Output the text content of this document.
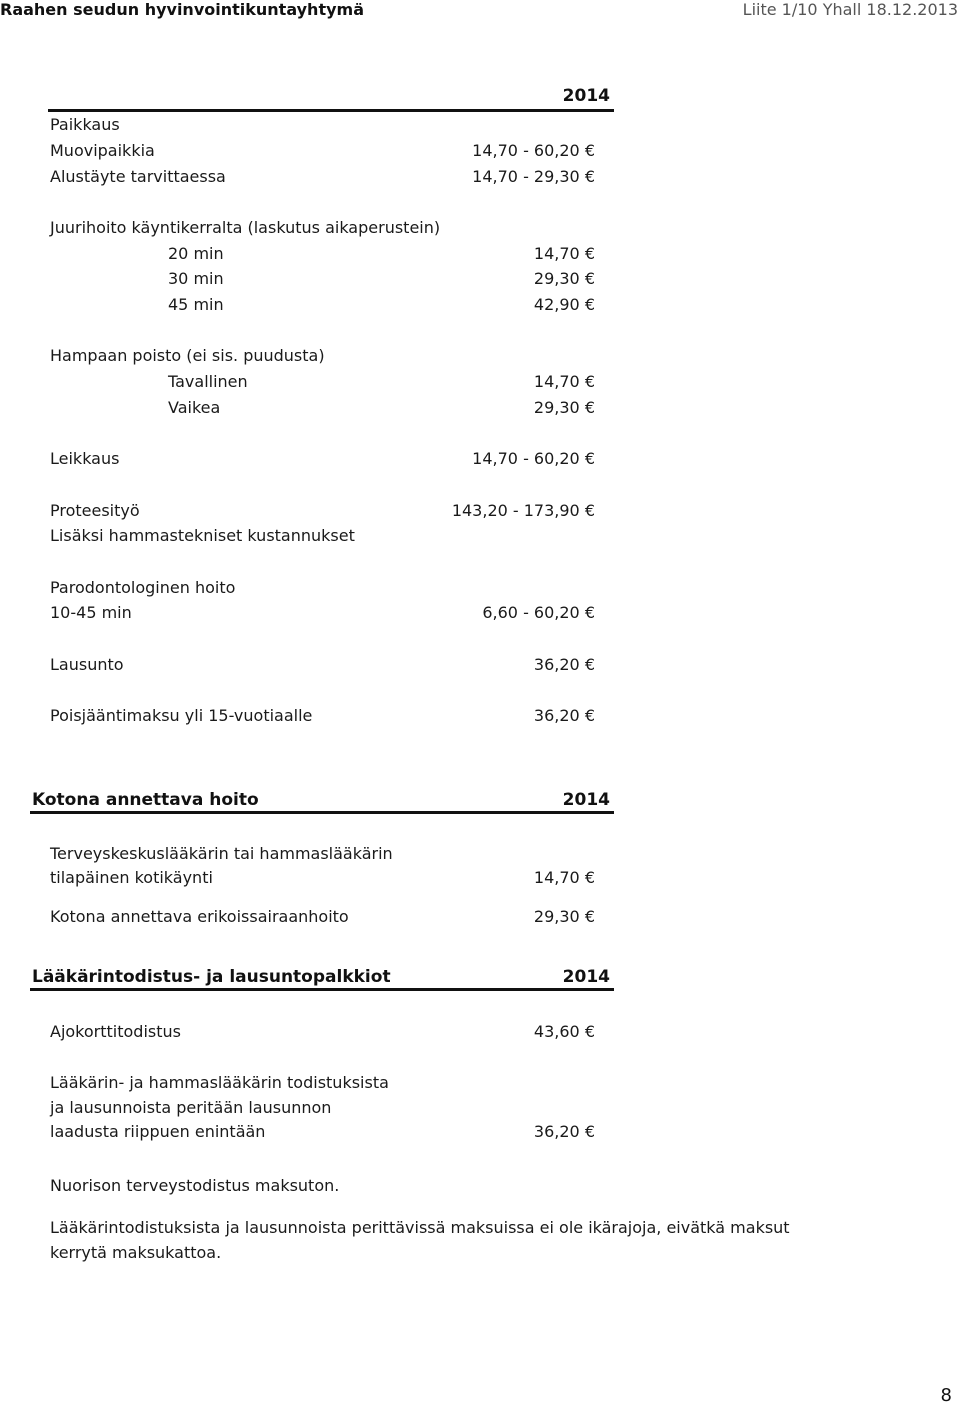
Raahen seudun hyvinvointikuntayhtymä	Liite 1/10 Yhall 18.12.2013
2014
Paikkaus
Muovipaikkia	14,70 - 60,20 €
Alustäyte tarvittaessa	14,70 - 29,30 €
Juurihoito käyntikerralta (laskutus aikaperustein)
20 min	14,70 €
30 min	29,30 €
45 min	42,90 €
Hampaan poisto (ei sis. puudusta)
Tavallinen	14,70 €
Vaikea	29,30 €
Leikkaus	14,70 - 60,20 €
Proteesityö	143,20 - 173,90 €
Lisäksi hammastekniset kustannukset
Parodontologinen hoito
10-45 min	6,60 - 60,20 €
Lausunto	36,20 €
Poisjääntimaksu yli 15-vuotiaalle	36,20 €
Kotona annettava hoito	2014
Terveyskeskuslääkärin tai hammaslääkärin
tilapäinen kotikäynti	14,70 €
Kotona annettava erikoissairaanhoito	29,30 €
Lääkärintodistus- ja lausuntopalkkiot	2014
Ajokorttitodistus	43,60 €
Lääkärin- ja hammaslääkärin todistuksista
ja lausunnoista peritään lausunnon
laadusta riippuen enintään	36,20 €
Nuorison terveystodistus maksuton.
Lääkärintodistuksista ja lausunnoista perittävissä maksuissa ei ole ikärajoja, eivätkä maksut
kerrytä maksukattoa.
8
